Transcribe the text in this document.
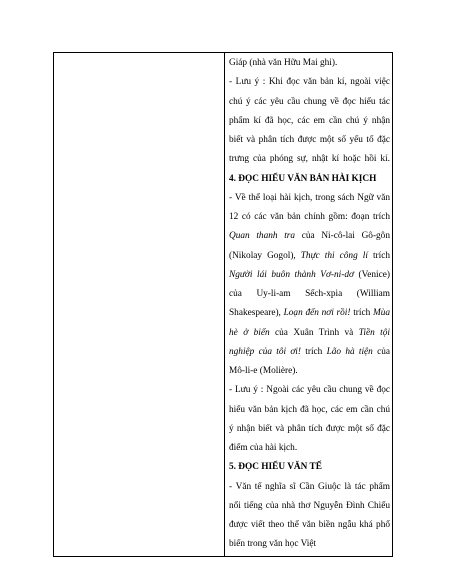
Giáp (nhà văn Hữu Mai ghi).

- Lưu ý : Khi đọc văn bản kí, ngoài việc chú ý các yêu cầu chung về đọc hiểu tác phẩm kí đã học, các em cần chú ý nhận biết và phân tích được một số yếu tố đặc trưng của phóng sự, nhật kí hoặc hồi kí.

4. ĐỌC HIỂU VĂN BẢN HÀI KỊCH

- Về thể loại hài kịch, trong sách Ngữ văn 12 có các văn bản chính gồm: đoạn trích Quan thanh tra của Ni-cô-lai Gô-gôn (Nikolay Gogol), Thực thi công lí trích Người lái buôn thành Vơ-ni-dơ (Venice) của Uy-li-am Sếch-xpia (William Shakespeare), Loạn đến nơi rồi! trích Mùa hè ở biển của Xuân Trình và Tiền tội nghiệp của tôi ơi! trích Lão hà tiện của Mô-li-e (Molière).

- Lưu ý : Ngoài các yêu cầu chung về đọc hiểu văn bản kịch đã học, các em cần chú ý nhận biết và phân tích được một số đặc điểm của hài kịch.

5. ĐỌC HIỂU VĂN TẾ

- Văn tế nghĩa sĩ Cần Giuộc là tác phẩm nổi tiếng của nhà thơ Nguyễn Đình Chiểu được viết theo thể văn biền ngẫu khá phổ biến trong văn học Việt
